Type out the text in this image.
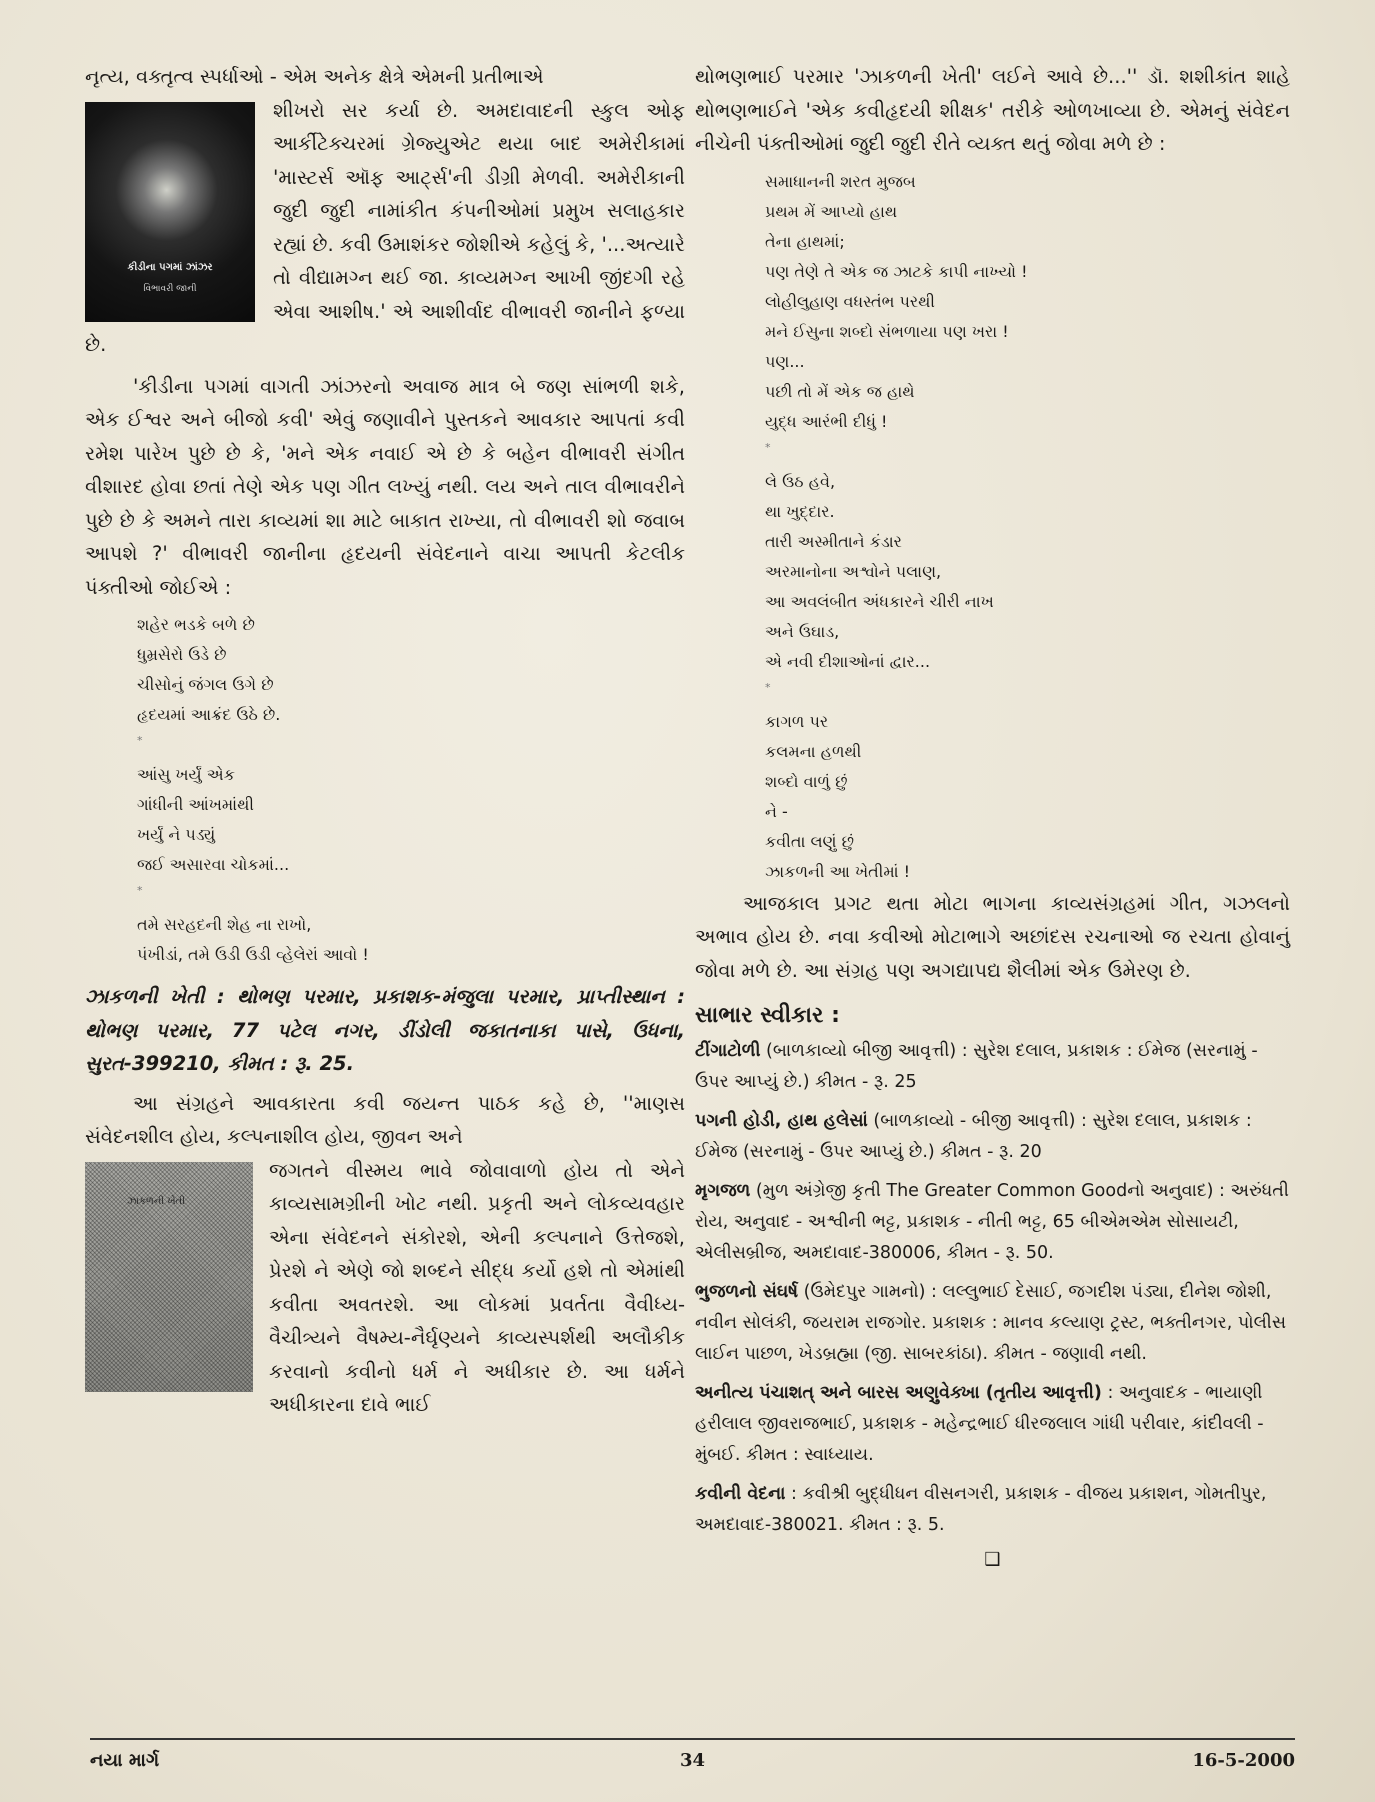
નૃત્ય, વક્તૃત્વ સ્પર્ધાઓ - એમ અનેક ક્ષેત્રે એમની પ્રતીભાએ

કીડીના પગમાં ઝાંઝર
વિભાવરી જાની

શીખરો સર કર્યા છે. અમદાવાદની સ્કુલ ઓફ આર્કીટેક્ચરમાં ગ્રેજ્યુએટ થયા બાદ અમેરીકામાં 'માસ્ટર્સ ઑફ આર્ટ્સ'ની ડીગ્રી મેળવી. અમેરીકાની જુદી જુદી નામાંકીત કંપનીઓમાં પ્રમુખ સલાહકાર રહ્યાં છે. કવી ઉમાશંકર જોશીએ કહેલું કે, '...અત્યારે તો વીદ્યામગ્ન થઈ જા. કાવ્યમગ્ન આખી જીંદગી રહે એવા આશીષ.' એ આશીર્વાદ વીભાવરી જાનીને ફળ્યા છે.

'કીડીના પગમાં વાગતી ઝાંઝરનો અવાજ માત્ર બે જણ સાંભળી શકે, એક ઈશ્વર અને બીજો કવી' એવું જણાવીને પુસ્તકને આવકાર આપતાં કવી રમેશ પારેખ પુછે છે કે, 'મને એક નવાઈ એ છે કે બહેન વીભાવરી સંગીત વીશારદ હોવા છતાં તેણે એક પણ ગીત લખ્યું નથી. લય અને તાલ વીભાવરીને પુછે છે કે અમને તારા કાવ્યમાં શા માટે બાકાત રાખ્યા, તો વીભાવરી શો જવાબ આપશે ?' વીભાવરી જાનીના હૃદયની સંવેદનાને વાચા આપતી કેટલીક પંક્તીઓ જોઈએ :

શહેર ભડકે બળે છે
ધુમ્રસેરો ઉડે છે
ચીસોનું જંગલ ઉગે છે
હૃદયમાં આક્રંદ ઉઠે છે.
*
આંસુ ખર્યું એક
ગાંધીની આંખમાંથી
ખર્યું ને પડ્યું
જઈ અસારવા ચોકમાં...
*
તમે સરહદની શેહ ના રાખો,
પંખીડાં, તમે ઉડી ઉડી વ્હેલેરાં આવો !

ઝાકળની ખેતી : થોભણ પરમાર, પ્રકાશક-મંજુલા પરમાર, પ્રાપ્તીસ્થાન : થોભણ પરમાર, 77 પટેલ નગર, ડીંડોલી જકાતનાકા પાસે, ઉધના, સુરત-399210, કીમત : રૂ. 25.

આ સંગ્રહને આવકારતા કવી જયન્ત પાઠક કહે છે, ''માણસ સંવેદનશીલ હોય, કલ્પનાશીલ હોય, જીવન અને

ઝાકળની ખેતી

જગતને વીસ્મય ભાવે જોવાવાળો હોય તો એને કાવ્યસામગ્રીની ખોટ નથી. પ્રકૃતી અને લોકવ્યવહાર એના સંવેદનને સંકોરશે, એની કલ્પનાને ઉત્તેજશે, પ્રેરશે ને એણે જો શબ્દને સીદ્ધ કર્યો હશે તો એમાંથી કવીતા અવતરશે. આ લોકમાં પ્રવર્તતા વૈવીધ્ય-વૈચીત્ર્યને વૈષમ્ય-નૈર્ઘૃણ્યને કાવ્યસ્પર્શથી અલૌકીક કરવાનો કવીનો ધર્મ ને અધીકાર છે. આ ધર્મને અધીકારના દાવે ભાઈ

થોભણભાઈ પરમાર 'ઝાકળની ખેતી' લઈને આવે છે...'' ડૉ. શશીકાંત શાહે થોભણભાઈને 'એક કવીહૃદયી શીક્ષક' તરીકે ઓળખાવ્યા છે. એમનું સંવેદન નીચેની પંક્તીઓમાં જુદી જુદી રીતે વ્યક્ત થતું જોવા મળે છે :

સમાધાનની શરત મુજબ
પ્રથમ મેં આપ્યો હાથ
તેના હાથમાં;
પણ તેણે તે એક જ ઝાટકે કાપી નાખ્યો !
લોહીલુહાણ વધસ્તંભ પરથી
મને ઈસુના શબ્દો સંભળાયા પણ ખરા !
પણ...
પછી તો મેં એક જ હાથે
યુદ્ધ આરંભી દીધું !
*
લે ઉઠ હવે,
થા ખુદ્દાર.
તારી અસ્મીતાને કંડાર
અરમાનોના અશ્વોને પલાણ,
આ અવલંબીત અંધકારને ચીરી નાખ
અને ઉઘાડ,
એ નવી દીશાઓનાં દ્વાર...
*
કાગળ પર
કલમના હળથી
શબ્દો વાળું છું
ને -
કવીતા લણું છું
ઝાકળની આ ખેતીમાં !

આજકાલ પ્રગટ થતા મોટા ભાગના કાવ્યસંગ્રહમાં ગીત, ગઝલનો અભાવ હોય છે. નવા કવીઓ મોટાભાગે અછાંદસ રચનાઓ જ રચતા હોવાનું જોવા મળે છે. આ સંગ્રહ પણ અગદ્યાપદ્ય શૈલીમાં એક ઉમેરણ છે.

સાભાર સ્વીકાર :

ટીંગાટોળી (બાળકાવ્યો બીજી આવૃત્તી) : સુરેશ દલાલ, પ્રકાશક : ઈમેજ (સરનામું - ઉપર આપ્યું છે.) કીમત - રૂ. 25

પગની હોડી, હાથ હલેસાં (બાળકાવ્યો - બીજી આવૃત્તી) : સુરેશ દલાલ, પ્રકાશક : ઈમેજ (સરનામું - ઉપર આપ્યું છે.) કીમત - રૂ. 20

મૃગજળ (મુળ અંગ્રેજી કૃતી The Greater Common Goodનો અનુવાદ) : અરુંધતી રોય, અનુવાદ - અશ્વીની ભટ્ટ, પ્રકાશક - નીતી ભટ્ટ, 65 બીએમએમ સોસાયટી, એલીસબ્રીજ, અમદાવાદ-380006, કીમત - રૂ. 50.

ભુજળનો સંઘર્ષ (ઉમેદપુર ગામનો) : લલ્લુભાઈ દેસાઈ, જગદીશ પંડ્યા, દીનેશ જોશી, નવીન સોલંકી, જયરામ રાજગોર. પ્રકાશક : માનવ કલ્યાણ ટ્રસ્ટ, ભક્તીનગર, પોલીસ લાઈન પાછળ, ખેડબ્રહ્મા (જી. સાબરકાંઠા). કીમત - જણાવી નથી.

અનીત્ય પંચાશત્ અને બારસ અણુવેક્ખા (તૃતીય આવૃત્તી) : અનુવાદક - ભાયાણી હરીલાલ જીવરાજભાઈ, પ્રકાશક - મહેન્દ્રભાઈ ધીરજલાલ ગાંધી પરીવાર, કાંદીવલી - મુંબઈ. કીમત : સ્વાધ્યાય.

કવીની વેદના : કવીશ્રી બુદ્ધીધન વીસનગરી, પ્રકાશક - વીજય પ્રકાશન, ગોમતીપુર, અમદાવાદ-380021. કીમત : રૂ. 5.

❑
નયા માર્ગ	34	16-5-2000
